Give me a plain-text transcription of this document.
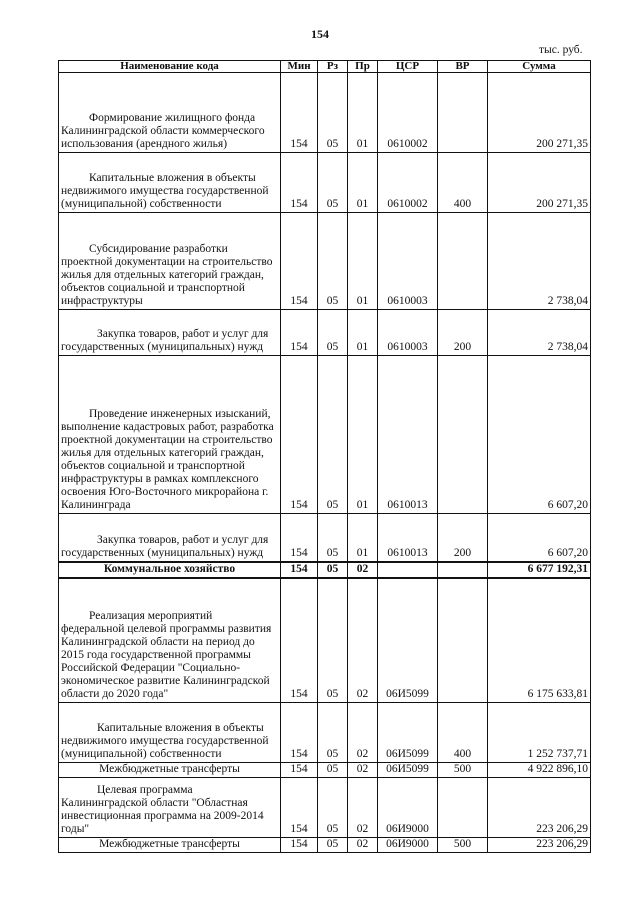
154
тыс. руб.
Наименование кода	Мин	Рз	Пр	ЦСР	ВР	Сумма

Формирование жилищного фонда Калининградской области коммерческого использования (арендного жилья)	154	05	01	0610002		200 271,35

Капитальные вложения в объекты недвижимого имущества государственной (муниципальной) собственности	154	05	01	0610002	400	200 271,35

Субсидирование разработки проектной документации на строительство жилья для отдельных категорий граждан, объектов социальной и транспортной инфраструктуры	154	05	01	0610003		2 738,04

Закупка товаров, работ и услуг для государственных (муниципальных) нужд	154	05	01	0610003	200	2 738,04

Проведение инженерных изысканий, выполнение кадастровых работ, разработка проектной документации на строительство жилья для отдельных категорий граждан, объектов социальной и транспортной инфраструктуры в рамках комплексного освоения Юго-Восточного микрорайона г. Калининграда	154	05	01	0610013		6 607,20

Закупка товаров, работ и услуг для государственных (муниципальных) нужд	154	05	01	0610013	200	6 607,20
Коммунальное хозяйство	154	05	02			6 677 192,31

Реализация мероприятий федеральной целевой программы развития Калининградской области на период до 2015 года государственной программы Российской Федерации "Социально-экономическое развитие Калининградской области до 2020 года"	154	05	02	06И5099		6 175 633,81

Капитальные вложения в объекты недвижимого имущества государственной (муниципальной) собственности	154	05	02	06И5099	400	1 252 737,71
Межбюджетные трансферты	154	05	02	06И5099	500	4 922 896,10

Целевая программа Калининградской области "Областная инвестиционная программа на 2009-2014 годы"	154	05	02	06И9000		223 206,29
Межбюджетные трансферты	154	05	02	06И9000	500	223 206,29
